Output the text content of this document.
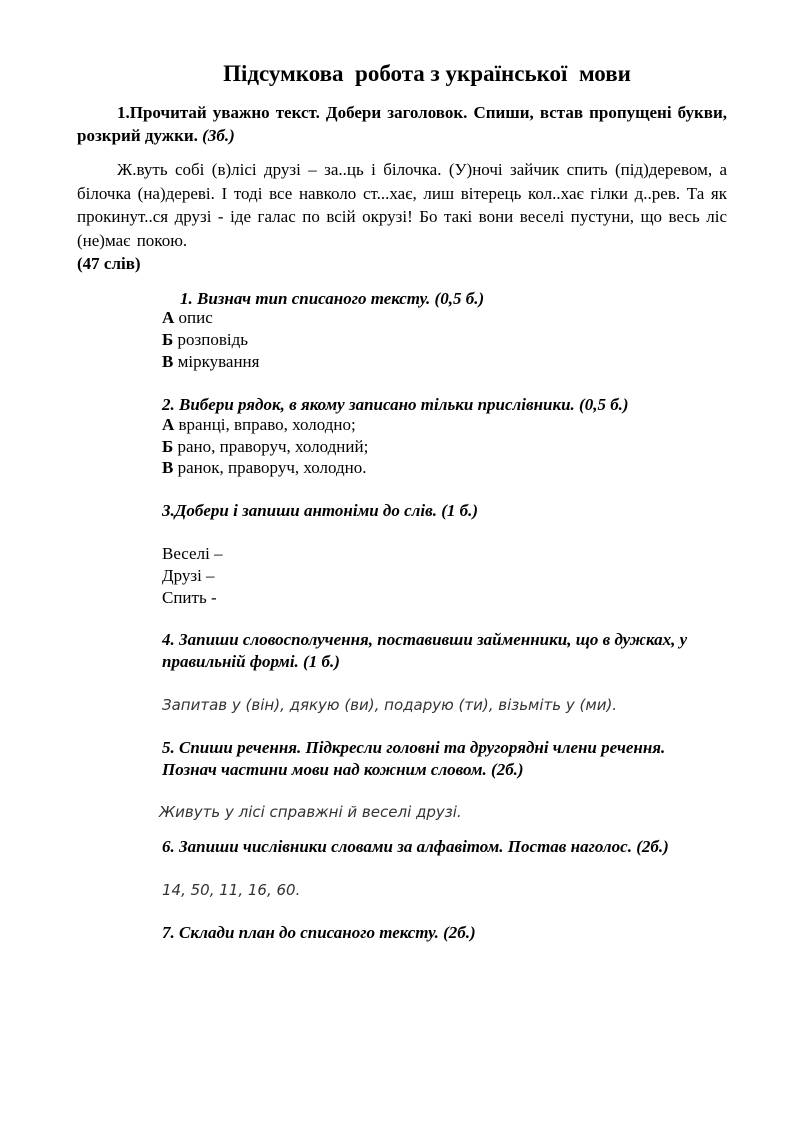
Підсумкова  робота з української  мови
1.Прочитай уважно текст. Добери заголовок. Спиши, встав пропущені букви, розкрий дужки. (3б.)
Ж.вуть собі (в)лісі друзі – за..ць і білочка. (У)ночі зайчик спить (під)деревом, а білочка (на)дереві. І тоді все навколо ст...хає, лиш вітерець кол..хає гілки д..рев. Та як прокинут..ся друзі - іде галас по всій окрузі! Бо такі вони веселі пустуни, що весь ліс (не)має покою.
(47 слів)
1. Визнач тип списаного тексту. (0,5 б.)
А опис
Б розповідь
В міркування
2. Вибери рядок, в якому записано тільки прислівники. (0,5 б.)
А вранці, вправо, холодно;
Б рано, праворуч, холодний;
В ранок, праворуч, холодно.
3.Добери і запиши антоніми до слів. (1 б.)
Веселі –
Друзі –
Спить -
4. Запиши словосполучення, поставивши займенники, що в дужках, у правильній формі. (1 б.)
Запитав у (він), дякую (ви), подарую (ти), візьміть у (ми).
5. Спиши речення. Підкресли головні та другорядні члени речення. Познач частини мови над кожним словом. (2б.)
Живуть у лісі справжні й веселі друзі.
6. Запиши числівники словами за алфавітом. Постав наголос. (2б.)
14, 50, 11, 16, 60.
7. Склади план до списаного тексту. (2б.)
